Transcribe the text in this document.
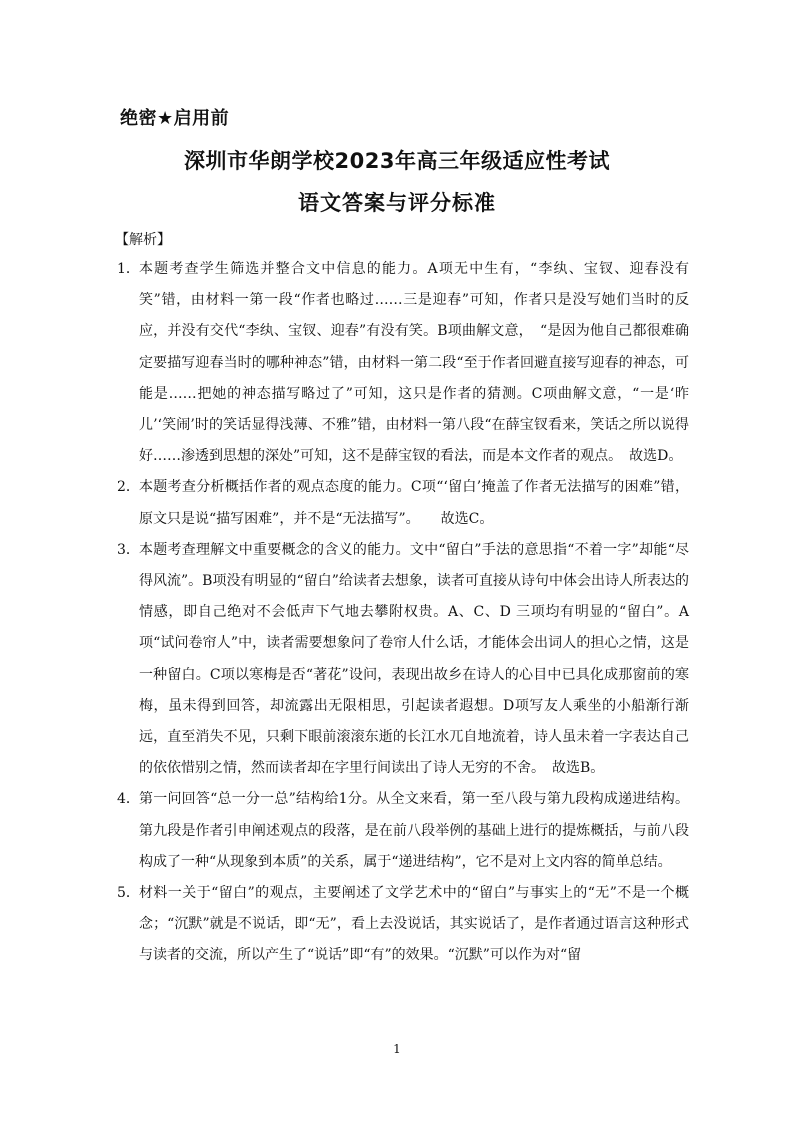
绝密★启用前
深圳市华朗学校2023年高三年级适应性考试
语文答案与评分标准
【解析】
1． 本题考查学生筛选并整合文中信息的能力。A项无中生有，“李纨、宝钗、迎春没有笑”错，由材料一第一段“作者也略过……三是迎春”可知，作者只是没写她们当时的反应，并没有交代“李纨、宝钗、迎春”有没有笑。B项曲解文意，　“是因为他自己都很难确定要描写迎春当时的哪种神态”错，由材料一第二段“至于作者回避直接写迎春的神态，可能是……把她的神态描写略过了”可知，这只是作者的猜测。C项曲解文意，“一是‘昨儿’‘笑闹’时的笑话显得浅薄、不雅”错，由材料一第八段“在薛宝钗看来，笑话之所以说得好……渗透到思想的深处”可知，这不是薛宝钗的看法，而是本文作者的观点。　故选D。
2． 本题考查分析概括作者的观点态度的能力。C项“‘留白’掩盖了作者无法描写的困难”错，原文只是说“描写困难”，并不是“无法描写”。　　故选C。
3． 本题考查理解文中重要概念的含义的能力。文中“留白”手法的意思指“不着一字”却能“尽得风流”。B项没有明显的“留白”给读者去想象，读者可直接从诗句中体会出诗人所表达的情感，即自己绝对不会低声下气地去攀附权贵。A、C、D 三项均有明显的“留白”。A项“试问卷帘人”中，读者需要想象问了卷帘人什么话，才能体会出词人的担心之情，这是一种留白。C项以寒梅是否“著花”设问，表现出故乡在诗人的心目中已具化成那窗前的寒梅，虽未得到回答，却流露出无限相思，引起读者遐想。D项写友人乘坐的小船渐行渐远，直至消失不见，只剩下眼前滚滚东逝的长江水兀自地流着，诗人虽未着一字表达自己的依依惜别之情，然而读者却在字里行间读出了诗人无穷的不舍。　故选B。
4． 第一问回答“总一分一总”结构给1分。从全文来看，第一至八段与第九段构成递进结构。第九段是作者引申阐述观点的段落，是在前八段举例的基础上进行的提炼概括，与前八段构成了一种“从现象到本质”的关系，属于“递进结构”，它不是对上文内容的简单总结。
5． 材料一关于“留白”的观点，主要阐述了文学艺术中的“留白”与事实上的“无”不是一个概念；“沉默”就是不说话，即“无”，看上去没说话，其实说话了，是作者通过语言这种形式与读者的交流，所以产生了“说话”即“有”的效果。“沉默”可以作为对“留
1
